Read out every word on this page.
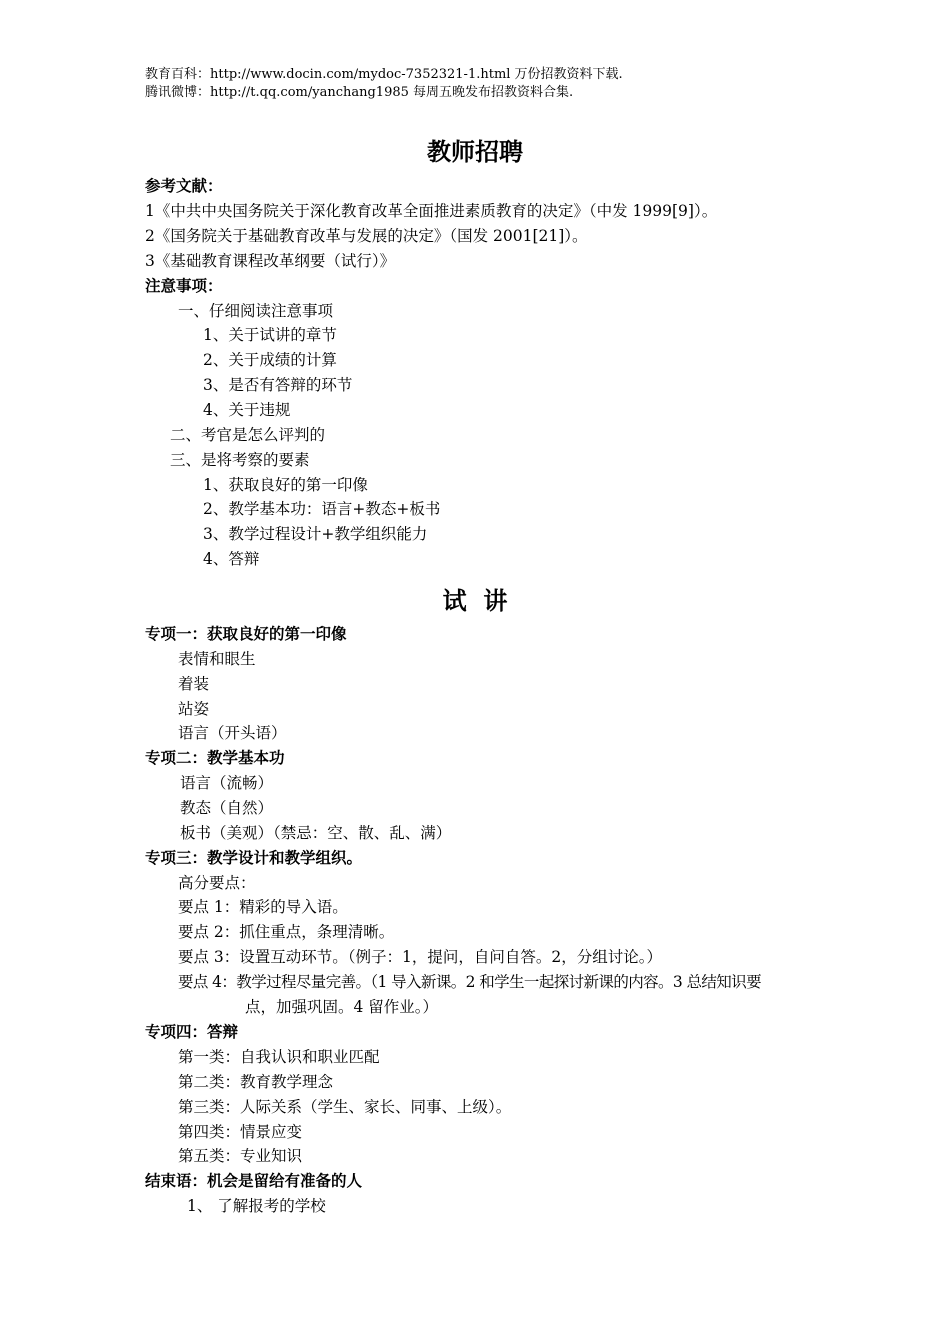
教育百科：http://www.docin.com/mydoc-7352321-1.html 万份招教资料下载.
腾讯微博：http://t.qq.com/yanchang1985 每周五晚发布招教资料合集.
教师招聘
参考文献：
1《中共中央国务院关于深化教育改革全面推进素质教育的决定》（中发 1999[9]）。
2《国务院关于基础教育改革与发展的决定》（国发 2001[21]）。
3《基础教育课程改革纲要（试行）》
注意事项：
一、仔细阅读注意事项
1、关于试讲的章节
2、关于成绩的计算
3、是否有答辩的环节
4、关于违规
二、考官是怎么评判的
三、是将考察的要素
1、获取良好的第一印像
2、教学基本功：语言+教态+板书
3、教学过程设计+教学组织能力
4、答辩
试  讲
专项一：获取良好的第一印像
表情和眼生
着装
站姿
语言（开头语）
专项二：教学基本功
语言（流畅）
教态（自然）
板书（美观）（禁忌：空、散、乱、满）
专项三：教学设计和教学组织。
高分要点：
要点 1：精彩的导入语。
要点 2：抓住重点，条理清晰。
要点 3：设置互动环节。（例子：1，提问，自问自答。2，分组讨论。）
要点 4：教学过程尽量完善。（1 导入新课。2 和学生一起探讨新课的内容。3 总结知识要
点，加强巩固。4 留作业。）
专项四：答辩
第一类：自我认识和职业匹配
第二类：教育教学理念
第三类：人际关系（学生、家长、同事、上级）。
第四类：情景应变
第五类：专业知识
结束语：机会是留给有准备的人
1、 了解报考的学校
